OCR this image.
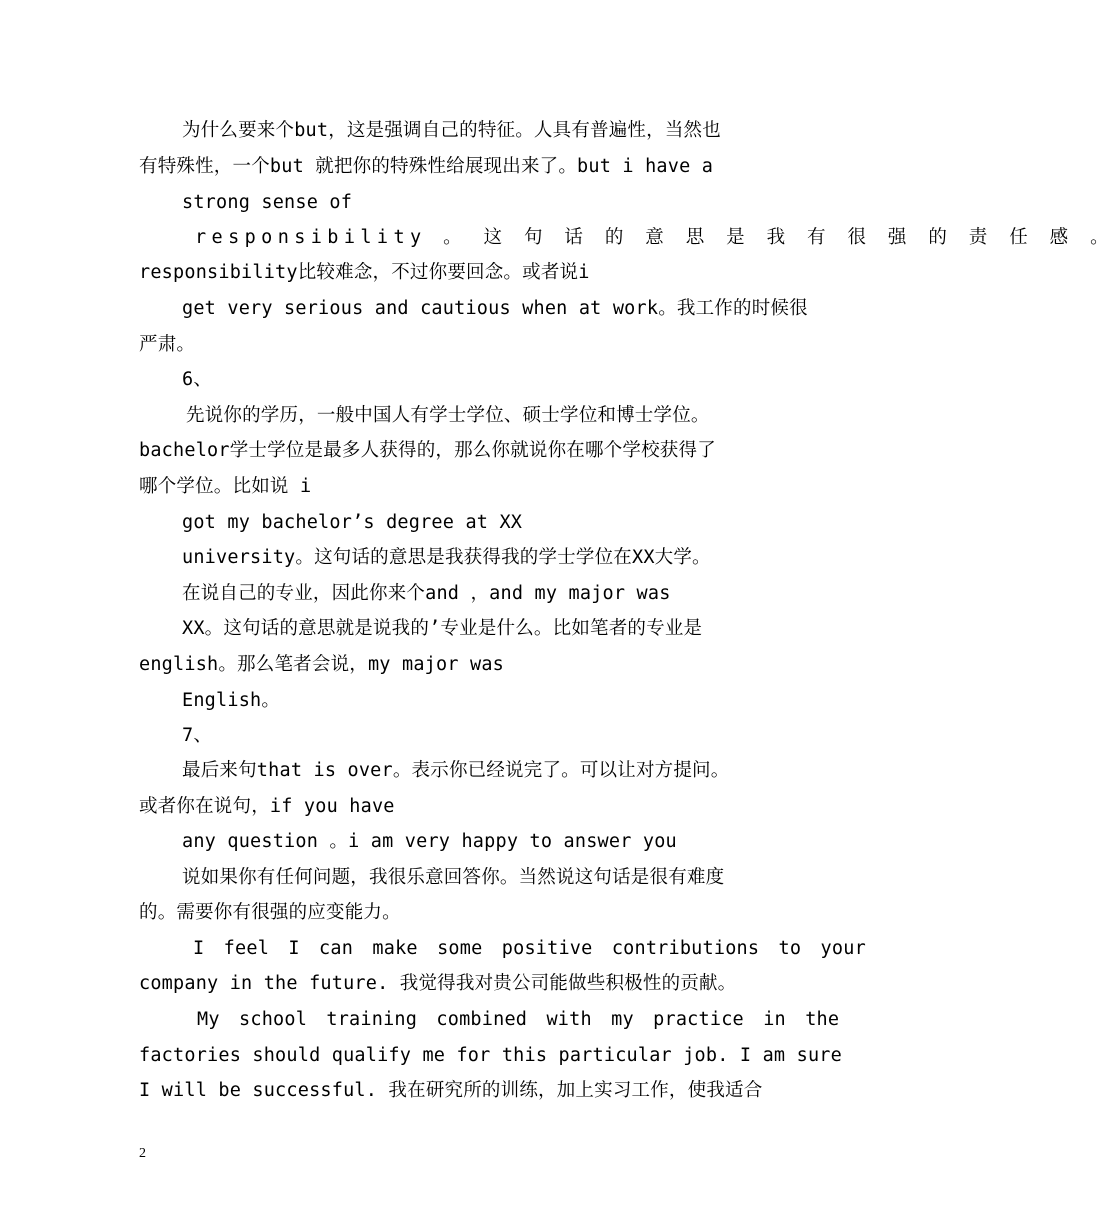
为什么要来个but，这是强调自己的特征。人具有普遍性，当然也
有特殊性，一个but 就把你的特殊性给展现出来了。but i have a
strong sense of
responsibility 。 这 句 话 的 意 思 是 我 有 很 强 的 责 任 感 。
responsibility比较难念，不过你要回念。或者说i
get very serious and cautious when at work。我工作的时候很
严肃。
6、
先说你的学历，一般中国人有学士学位、硕士学位和博士学位。
bachelor学士学位是最多人获得的，那么你就说你在哪个学校获得了
哪个学位。比如说 i
got my bachelor’s degree at XX
university。这句话的意思是我获得我的学士学位在XX大学。
在说自己的专业，因此你来个and ，and my major was
XX。这句话的意思就是说我的’专业是什么。比如笔者的专业是
english。那么笔者会说，my major was
English。
7、
最后来句that is over。表示你已经说完了。可以让对方提问。
或者你在说句，if you have
any question 。i am very happy to answer you
说如果你有任何问题，我很乐意回答你。当然说这句话是很有难度
的。需要你有很强的应变能力。
I feel I can make some positive contributions to your
company in the future. 我觉得我对贵公司能做些积极性的贡献。
My school training combined with my practice in the
factories should qualify me for this particular job. I am sure
I will be successful. 我在研究所的训练，加上实习工作，使我适合
2
